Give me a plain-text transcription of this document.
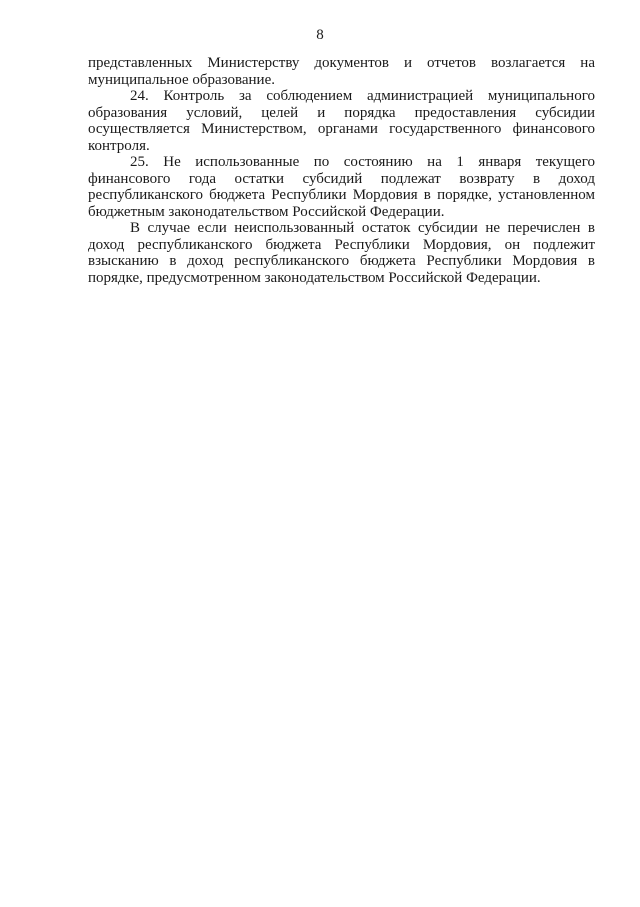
8

представленных Министерству документов и отчетов возлагается на муниципальное образование.

24. Контроль за соблюдением администрацией муниципального образования условий, целей и порядка предоставления субсидии осуществляется Министерством, органами государственного финансового контроля.

25. Не использованные по состоянию на 1 января текущего финансового года остатки субсидий подлежат возврату в доход республиканского бюджета Республики Мордовия в порядке, установленном бюджетным законодательством Российской Федерации.

В случае если неиспользованный остаток субсидии не перечислен в доход республиканского бюджета Республики Мордовия, он подлежит взысканию в доход республиканского бюджета Республики Мордовия в порядке, предусмотренном законодательством Российской Федерации.
